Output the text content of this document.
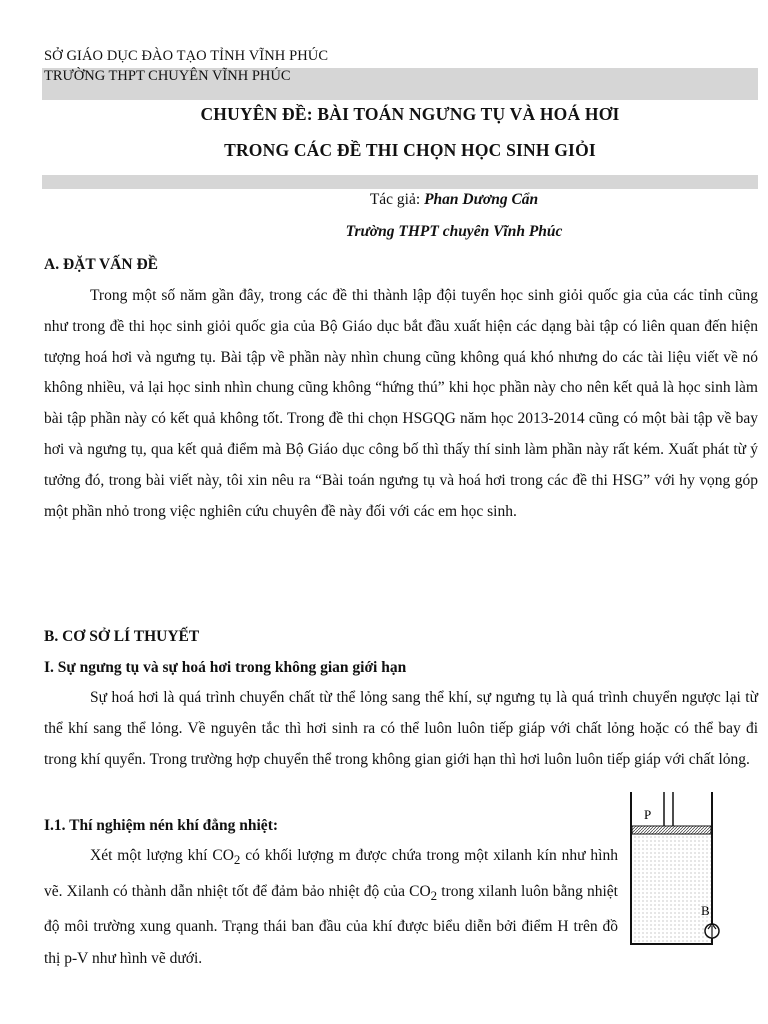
SỞ GIÁO DỤC ĐÀO TẠO TỈNH VĨNH PHÚC
TRƯỜNG THPT CHUYÊN VĨNH PHÚC
CHUYÊN ĐỀ: BÀI TOÁN NGƯNG TỤ VÀ HOÁ HƠI
TRONG CÁC ĐỀ THI CHỌN HỌC SINH GIỎI
Tác giả: Phan Dương Cẩn
Trường THPT chuyên Vĩnh Phúc
A. ĐẶT VẤN ĐỀ

Trong một số năm gần đây, trong các đề thi thành lập đội tuyển học sinh giỏi quốc gia của các tỉnh cũng như trong đề thi học sinh giỏi quốc gia của Bộ Giáo dục bắt đầu xuất hiện các dạng bài tập có liên quan đến hiện tượng hoá hơi và ngưng tụ. Bài tập về phần này nhìn chung cũng không quá khó nhưng do các tài liệu viết về nó không nhiều, vả lại học sinh nhìn chung cũng không “hứng thú” khi học phần này cho nên kết quả là học sinh làm bài tập phần này có kết quả không tốt. Trong đề thi chọn HSGQG năm học 2013-2014 cũng có một bài tập về bay hơi và ngưng tụ, qua kết quả điểm mà Bộ Giáo dục công bố thì thấy thí sinh làm phần này rất kém. Xuất phát từ ý tưởng đó, trong bài viết này, tôi xin nêu ra “Bài toán ngưng tụ và hoá hơi trong các đề thi HSG” với hy vọng góp một phần nhỏ trong việc nghiên cứu chuyên đề này đối với các em học sinh.

B. CƠ SỞ LÍ THUYẾT
I. Sự ngưng tụ và sự hoá hơi trong không gian giới hạn

Sự hoá hơi là quá trình chuyển chất từ thể lỏng sang thể khí, sự ngưng tụ là quá trình chuyển ngược lại từ thể khí sang thể lỏng. Về nguyên tắc thì hơi sinh ra có thể luôn luôn tiếp giáp với chất lỏng hoặc có thể bay đi trong khí quyển. Trong trường hợp chuyển thể trong không gian giới hạn thì hơi luôn luôn tiếp giáp với chất lỏng.

I.1. Thí nghiệm nén khí đẳng nhiệt:

Xét một lượng khí $CO_2$ có khối lượng m được chứa trong một xilanh kín như hình vẽ. Xilanh có thành dẫn nhiệt tốt để đảm bảo nhiệt độ của $CO_2$ trong xilanh luôn bằng nhiệt độ môi trường xung quanh. Trạng thái ban đầu của khí được biểu diễn bởi điểm H trên đồ thị p-V như hình vẽ dưới.

P
B
